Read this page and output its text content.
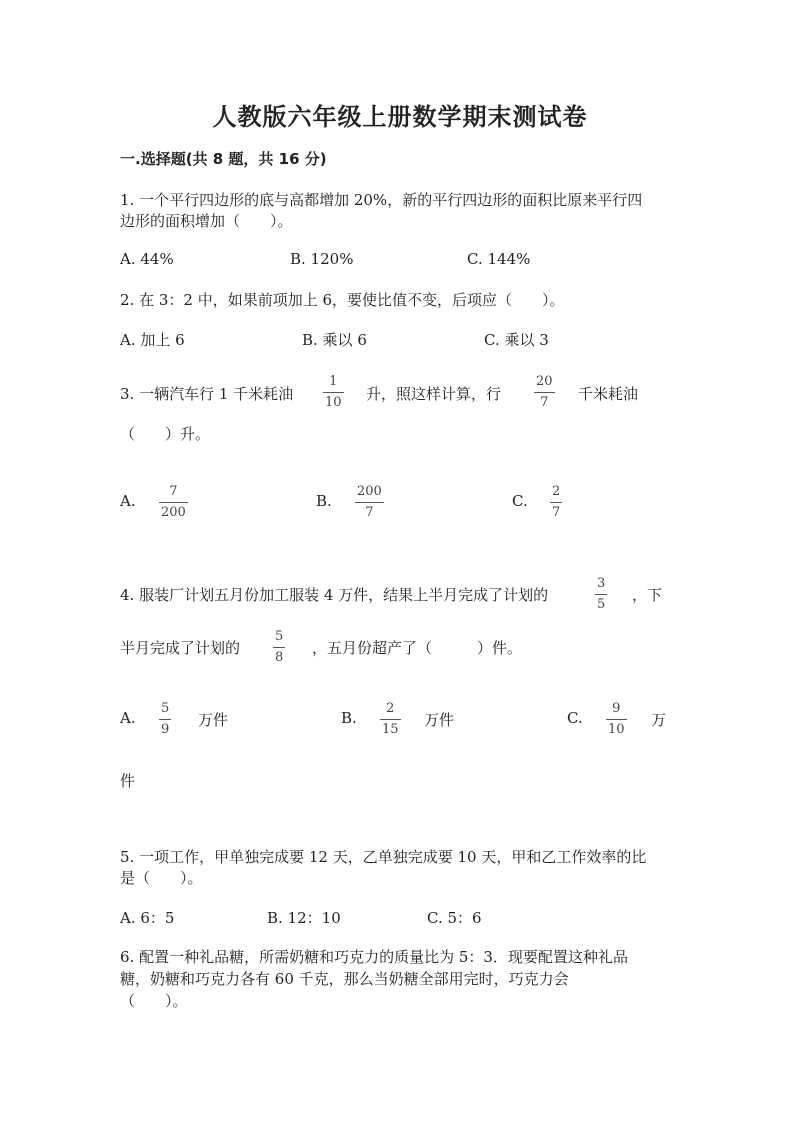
人教版六年级上册数学期末测试卷
一.选择题(共 8 题，共 16 分)
1. 一个平行四边形的底与高都增加 20%，新的平行四边形的面积比原来平行四
边形的面积增加（　　）。
A. 44%	B. 120%	C. 144%
2. 在 3：2 中，如果前项加上 6，要使比值不变，后项应（　　）。
A. 加上 6	B. 乘以 6	C. 乘以 3
3. 一辆汽车行 1 千米耗油
1
10 升，照这样计算，行
20
7 千米耗油
（　　）升。
A.
7
200
B.
200
7
C.
2
7
4. 服装厂计划五月份加工服装 4 万件，结果上半月完成了计划的
3
5
，下
半月完成了计划的
5
8
，五月份超产了（　　　）件。
A.
5
9
万件	B.
2
15
万件	C.
9
10
万
件
5. 一项工作，甲单独完成要 12 天，乙单独完成要 10 天，甲和乙工作效率的比
是（　　）。
A. 6：5	B. 12：10	C. 5：6
6. 配置一种礼品糖，所需奶糖和巧克力的质量比为 5：3．现要配置这种礼品
糖，奶糖和巧克力各有 60 千克，那么当奶糖全部用完时，巧克力会
（　　）。
